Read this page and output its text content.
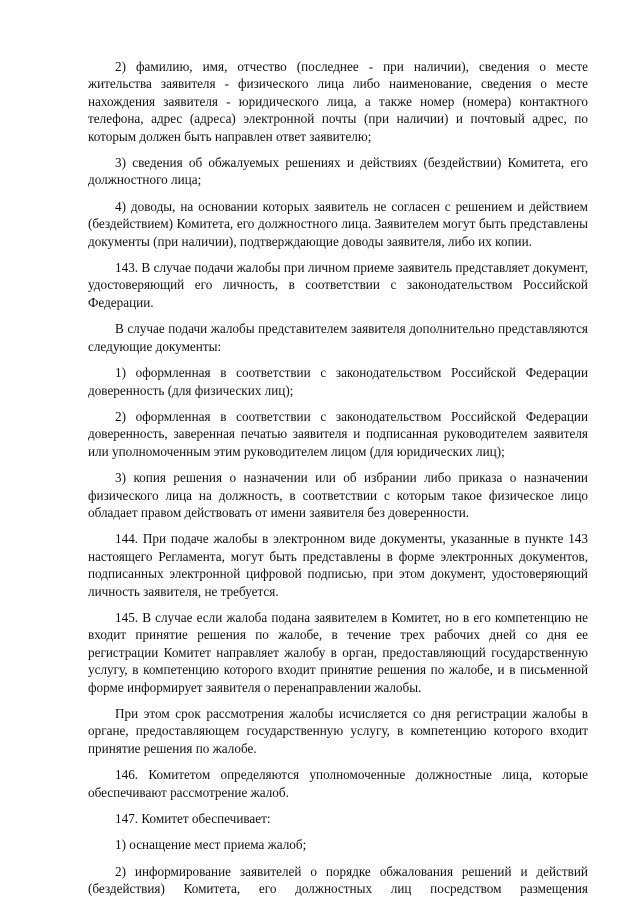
2) фамилию, имя, отчество (последнее - при наличии), сведения о месте жительства заявителя - физического лица либо наименование, сведения о месте нахождения заявителя - юридического лица, а также номер (номера) контактного телефона, адрес (адреса) электронной почты (при наличии) и почтовый адрес, по которым должен быть направлен ответ заявителю;

3) сведения об обжалуемых решениях и действиях (бездействии) Комитета, его должностного лица;

4) доводы, на основании которых заявитель не согласен с решением и действием (бездействием) Комитета, его должностного лица. Заявителем могут быть представлены документы (при наличии), подтверждающие доводы заявителя, либо их копии.

143. В случае подачи жалобы при личном приеме заявитель представляет документ, удостоверяющий его личность, в соответствии с законодательством Российской Федерации.

В случае подачи жалобы представителем заявителя дополнительно представляются следующие документы:

1) оформленная в соответствии с законодательством Российской Федерации доверенность (для физических лиц);

2) оформленная в соответствии с законодательством Российской Федерации доверенность, заверенная печатью заявителя и подписанная руководителем заявителя или уполномоченным этим руководителем лицом (для юридических лиц);

3) копия решения о назначении или об избрании либо приказа о назначении физического лица на должность, в соответствии с которым такое физическое лицо обладает правом действовать от имени заявителя без доверенности.

144. При подаче жалобы в электронном виде документы, указанные в пункте 143 настоящего Регламента, могут быть представлены в форме электронных документов, подписанных электронной цифровой подписью, при этом документ, удостоверяющий личность заявителя, не требуется.

145. В случае если жалоба подана заявителем в Комитет, но в его компетенцию не входит принятие решения по жалобе, в течение трех рабочих дней со дня ее регистрации Комитет направляет жалобу в орган, предоставляющий государственную услугу, в компетенцию которого входит принятие решения по жалобе, и в письменной форме информирует заявителя о перенаправлении жалобы.

При этом срок рассмотрения жалобы исчисляется со дня регистрации жалобы в органе, предоставляющем государственную услугу, в компетенцию которого входит принятие решения по жалобе.

146. Комитетом определяются уполномоченные должностные лица, которые обеспечивают рассмотрение жалоб.

147. Комитет обеспечивает:

1) оснащение мест приема жалоб;

2) информирование заявителей о порядке обжалования решений и действий (бездействия) Комитета, его должностных лиц посредством размещения
